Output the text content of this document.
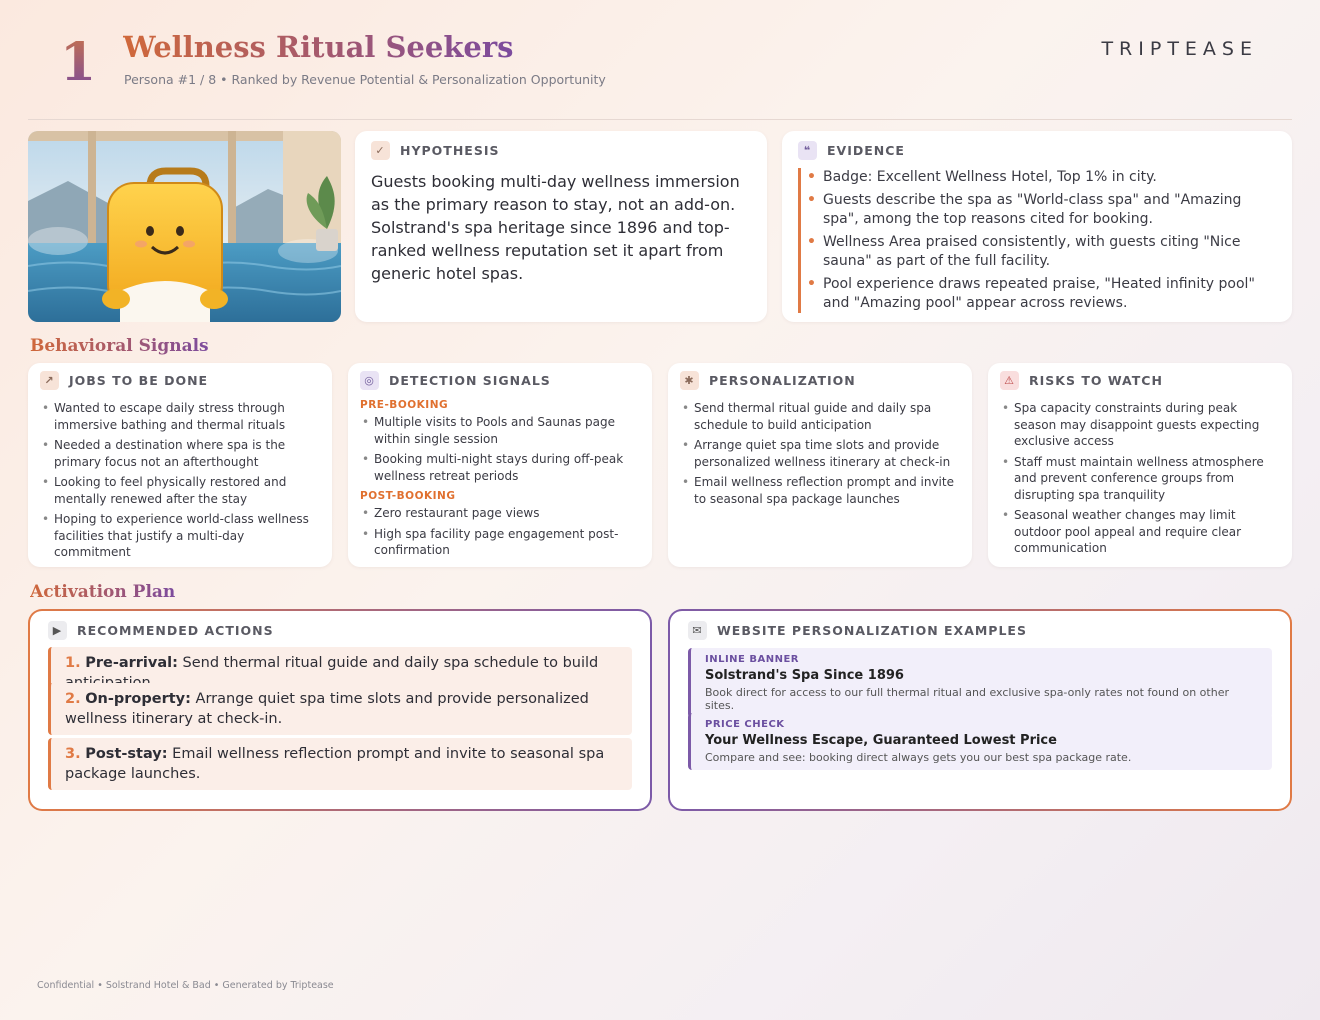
1 Wellness Ritual Seekers
Persona #1 / 8 • Ranked by Revenue Potential & Personalization Opportunity
TRIPTEASE
✓	HYPOTHESIS
Guests booking multi-day wellness immersion as the primary reason to stay, not an add-on. Solstrand's spa heritage since 1896 and top-ranked wellness reputation set it apart from generic hotel spas.
❝	EVIDENCE
• Badge: Excellent Wellness Hotel, Top 1% in city.
• Guests describe the spa as "World-class spa" and "Amazing spa", among the top reasons cited for booking.
• Wellness Area praised consistently, with guests citing "Nice sauna" as part of the full facility.
• Pool experience draws repeated praise, "Heated infinity pool" and "Amazing pool" appear across reviews.
Behavioral Signals
↗	JOBS TO BE DONE
• Wanted to escape daily stress through immersive bathing and thermal rituals
• Needed a destination where spa is the primary focus not an afterthought
• Looking to feel physically restored and mentally renewed after the stay
• Hoping to experience world-class wellness facilities that justify a multi-day commitment
◎	DETECTION SIGNALS
PRE-BOOKING
• Multiple visits to Pools and Saunas page within single session
• Booking multi-night stays during off-peak wellness retreat periods
POST-BOOKING
• Zero restaurant page views
• High spa facility page engagement post-confirmation
✱	PERSONALIZATION
• Send thermal ritual guide and daily spa schedule to build anticipation
• Arrange quiet spa time slots and provide personalized wellness itinerary at check-in
• Email wellness reflection prompt and invite to seasonal spa package launches
⚠	RISKS TO WATCH
• Spa capacity constraints during peak season may disappoint guests expecting exclusive access
• Staff must maintain wellness atmosphere and prevent conference groups from disrupting spa tranquility
• Seasonal weather changes may limit outdoor pool appeal and require clear communication
Activation Plan
▶	RECOMMENDED ACTIONS
1. Pre-arrival: Send thermal ritual guide and daily spa schedule to build
2. On-property: Arrange quiet spa time slots and provide personalized wellness itinerary at check-in.
3. Post-stay: Email wellness reflection prompt and invite to seasonal spa package launches.
✉	WEBSITE PERSONALIZATION EXAMPLES
INLINE BANNER
Solstrand's Spa Since 1896
Book direct for access to our full thermal ritual and exclusive spa-only rates not found on other sites.
PRICE CHECK
Your Wellness Escape, Guaranteed Lowest Price
Compare and see: booking direct always gets you our best spa package rate.
Confidential • Solstrand Hotel & Bad • Generated by Triptease
